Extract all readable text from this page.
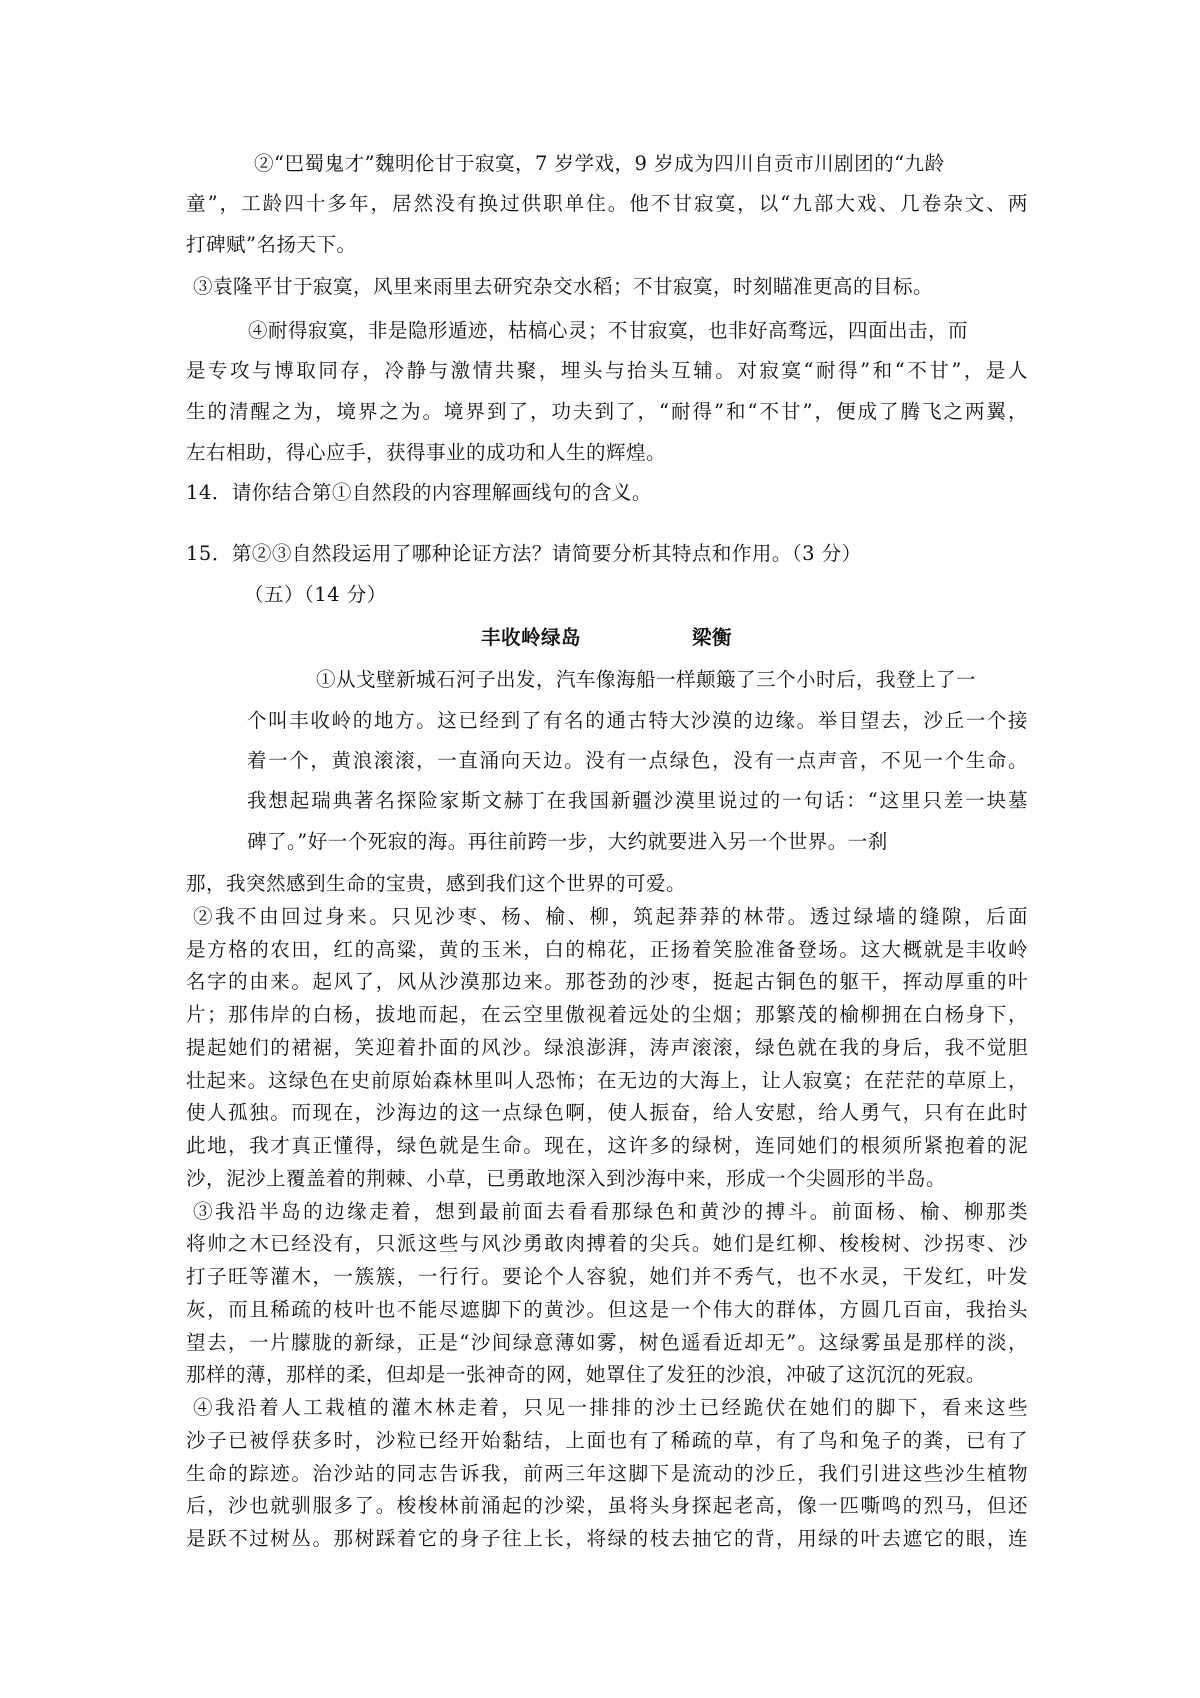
②“巴蜀鬼才”魏明伦甘于寂寞，7 岁学戏，9 岁成为四川自贡市川剧团的“九龄
童”，工龄四十多年，居然没有换过供职单住。他不甘寂寞，以“九部大戏、几卷杂文、两
打碑赋”名扬天下。
③袁隆平甘于寂寞，风里来雨里去研究杂交水稻；不甘寂寞，时刻瞄准更高的目标。
④耐得寂寞，非是隐形遁迹，枯槁心灵；不甘寂寞，也非好高骛远，四面出击，而
是专攻与博取同存，冷静与激情共聚，埋头与抬头互辅。对寂寞“耐得”和“不甘”，是人
生的清醒之为，境界之为。境界到了，功夫到了，“耐得”和“不甘”，便成了腾飞之两翼，
左右相助，得心应手，获得事业的成功和人生的辉煌。
14．请你结合第①自然段的内容理解画线句的含义。
15．第②③自然段运用了哪种论证方法？请简要分析其特点和作用。（3 分）
（五）（14 分）
丰收岭绿岛	梁衡
①从戈壁新城石河子出发，汽车像海船一样颠簸了三个小时后，我登上了一
个叫丰收岭的地方。这已经到了有名的通古特大沙漠的边缘。举目望去，沙丘一个接
着一个，黄浪滚滚，一直涌向天边。没有一点绿色，没有一点声音，不见一个生命。
我想起瑞典著名探险家斯文赫丁在我国新疆沙漠里说过的一句话：“这里只差一块墓
碑了。”好一个死寂的海。再往前跨一步，大约就要进入另一个世界。一刹
那，我突然感到生命的宝贵，感到我们这个世界的可爱。
②我不由回过身来。只见沙枣、杨、榆、柳，筑起莽莽的林带。透过绿墙的缝隙，后面
是方格的农田，红的高粱，黄的玉米，白的棉花，正扬着笑脸准备登场。这大概就是丰收岭
名字的由来。起风了，风从沙漠那边来。那苍劲的沙枣，挺起古铜色的躯干，挥动厚重的叶
片；那伟岸的白杨，拔地而起，在云空里傲视着远处的尘烟；那繁茂的榆柳拥在白杨身下，
提起她们的裙裾，笑迎着扑面的风沙。绿浪澎湃，涛声滚滚，绿色就在我的身后，我不觉胆
壮起来。这绿色在史前原始森林里叫人恐怖；在无边的大海上，让人寂寞；在茫茫的草原上，
使人孤独。而现在，沙海边的这一点绿色啊，使人振奋，给人安慰，给人勇气，只有在此时
此地，我才真正懂得，绿色就是生命。现在，这许多的绿树，连同她们的根须所紧抱着的泥
沙，泥沙上覆盖着的荆棘、小草，已勇敢地深入到沙海中来，形成一个尖圆形的半岛。
③我沿半岛的边缘走着，想到最前面去看看那绿色和黄沙的搏斗。前面杨、榆、柳那类
将帅之木已经没有，只派这些与风沙勇敢肉搏着的尖兵。她们是红柳、梭梭树、沙拐枣、沙
打子旺等灌木，一簇簇，一行行。要论个人容貌，她们并不秀气，也不水灵，干发红，叶发
灰，而且稀疏的枝叶也不能尽遮脚下的黄沙。但这是一个伟大的群体，方圆几百亩，我抬头
望去，一片朦胧的新绿，正是“沙间绿意薄如雾，树色遥看近却无”。这绿雾虽是那样的淡，
那样的薄，那样的柔，但却是一张神奇的网，她罩住了发狂的沙浪，冲破了这沉沉的死寂。
④我沿着人工栽植的灌木林走着，只见一排排的沙土已经跪伏在她们的脚下，看来这些
沙子已被俘获多时，沙粒已经开始黏结，上面也有了稀疏的草，有了鸟和兔子的粪，已有了
生命的踪迹。治沙站的同志告诉我，前两三年这脚下是流动的沙丘，我们引进这些沙生植物
后，沙也就驯服多了。梭梭林前涌起的沙梁，虽将头身探起老高，像一匹嘶鸣的烈马，但还
是跃不过树丛。那树踩着它的身子往上长，将绿的枝去抽它的背，用绿的叶去遮它的眼，连
